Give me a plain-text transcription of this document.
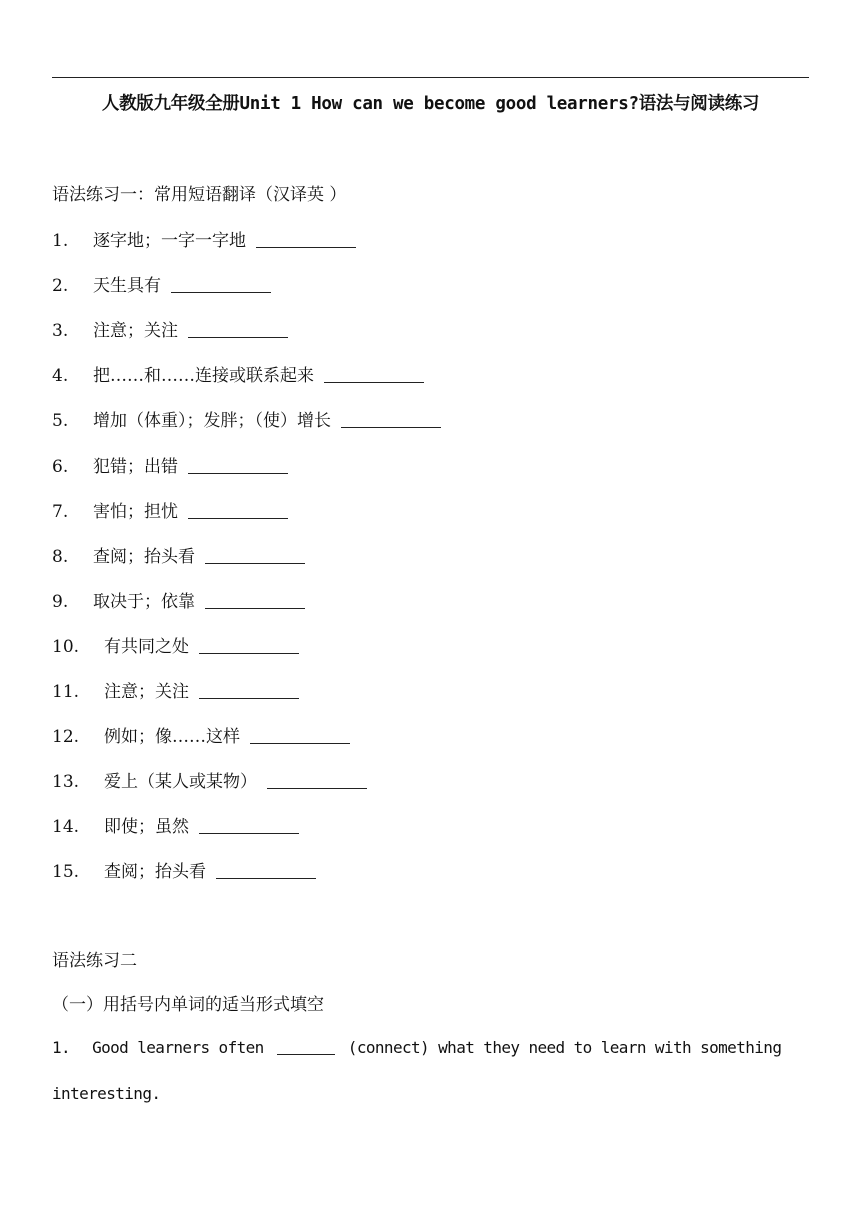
人教版九年级全册Unit 1 How can we become good learners?语法与阅读练习
语法练习一：常用短语翻译（汉译英 ）
1.	逐字地；一字一字地
2.	天生具有
3.	注意；关注
4.	把……和……连接或联系起来
5.	增加（体重）；发胖；（使）增长
6.	犯错；出错
7.	害怕；担忧
8.	查阅；抬头看
9.	取决于；依靠
10.	有共同之处
11.	注意；关注
12.	例如；像……这样
13.	爱上（某人或某物）
14.	即使；虽然
15.	查阅；抬头看
语法练习二
（一）用括号内单词的适当形式填空
1. Good learners often	(connect) what they need to learn with something
interesting.
